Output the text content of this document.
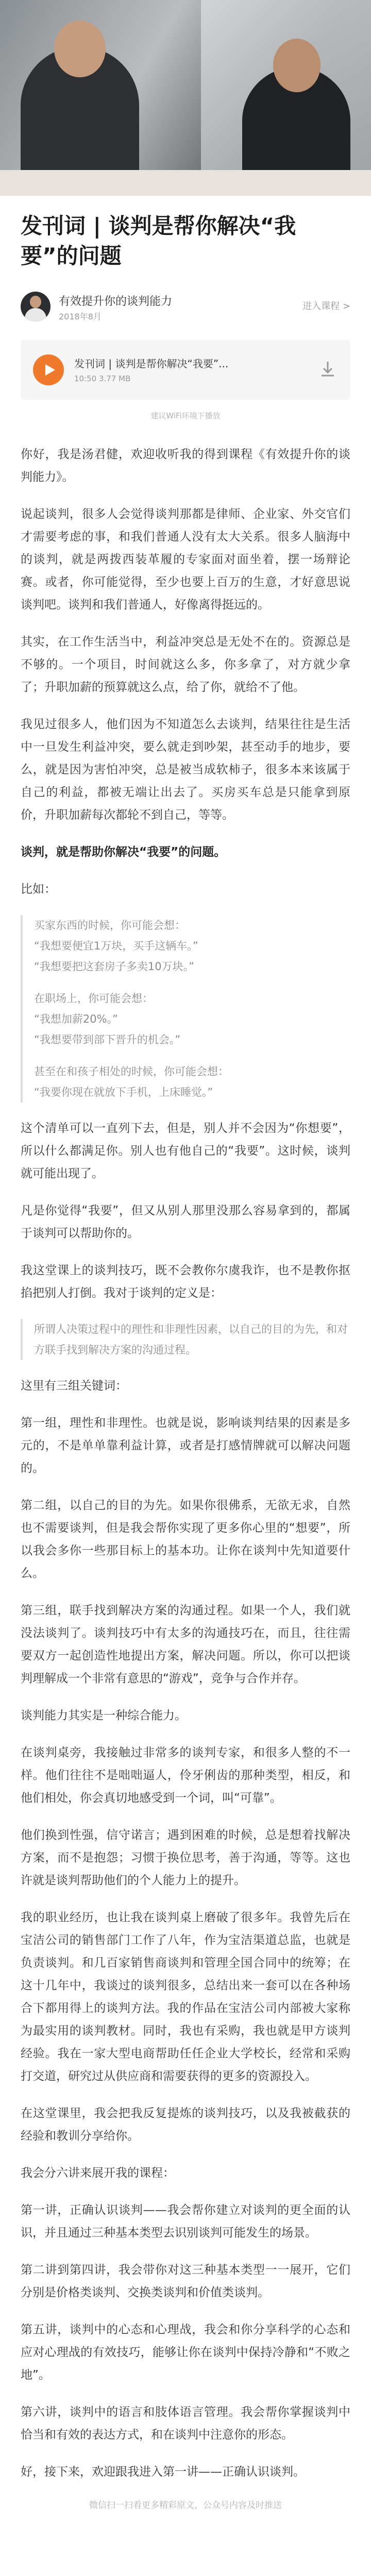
发刊词 | 谈判是帮你解决“我要”的问题
有效提升你的谈判能力
2018年8月
进入课程 >
发刊词 | 谈判是帮你解决“我要”...
10:50 3.77 MB
建议WiFi环境下播放

你好，我是汤君健，欢迎收听我的得到课程《有效提升你的谈判能力》。

说起谈判，很多人会觉得谈判那都是律师、企业家、外交官们才需要考虑的事，和我们普通人没有太大关系。很多人脑海中的谈判，就是两拨西装革履的专家面对面坐着，摆一场辩论赛。或者，你可能觉得，至少也要上百万的生意，才好意思说谈判吧。谈判和我们普通人，好像离得挺远的。

其实，在工作生活当中，利益冲突总是无处不在的。资源总是不够的。一个项目，时间就这么多，你多拿了，对方就少拿了；升职加薪的预算就这么点，给了你，就给不了他。

我见过很多人，他们因为不知道怎么去谈判，结果往往是生活中一旦发生利益冲突，要么就走到吵架，甚至动手的地步，要么，就是因为害怕冲突，总是被当成软柿子，很多本来该属于自己的利益，都被无端让出去了。买房买车总是只能拿到原价，升职加薪每次都轮不到自己，等等。

谈判，就是帮助你解决“我要”的问题。

比如：

买家东西的时候，你可能会想：

“我想要便宜1万块，买手这辆车。”

“我想要把这套房子多卖10万块。”

在职场上，你可能会想：

“我想加薪20%。”

“我想要带到部下晋升的机会。”

甚至在和孩子相处的时候，你可能会想：

“我要你现在就放下手机，上床睡觉。”

这个清单可以一直列下去，但是，别人并不会因为“你想要”，所以什么都满足你。别人也有他自己的“我要”。这时候，谈判就可能出现了。

凡是你觉得“我要”，但又从别人那里没那么容易拿到的，都属于谈判可以帮助你的。

我这堂课上的谈判技巧，既不会教你尔虞我诈，也不是教你抠掐把别人打倒。我对于谈判的定义是：

所谓人决策过程中的理性和非理性因素，以自己的目的为先，和对方联手找到解决方案的沟通过程。

这里有三组关键词：

第一组，理性和非理性。也就是说，影响谈判结果的因素是多元的，不是单单靠利益计算，或者是打感情牌就可以解决问题的。

第二组，以自己的目的为先。如果你很佛系，无欲无求，自然也不需要谈判，但是我会帮你实现了更多你心里的“想要”，所以我会多你一些那目标上的基本功。让你在谈判中先知道要什么。

第三组，联手找到解决方案的沟通过程。如果一个人，我们就没法谈判了。谈判技巧中有太多的沟通技巧在，而且，往往需要双方一起创造性地提出方案，解决问题。所以，你可以把谈判理解成一个非常有意思的“游戏”，竞争与合作并存。

谈判能力其实是一种综合能力。

在谈判桌旁，我接触过非常多的谈判专家，和很多人整的不一样。他们往往不是咄咄逼人，伶牙俐齿的那种类型，相反，和他们相处，你会真切地感受到一个词，叫“可靠”。

他们换到性强，信守诺言；遇到困难的时候，总是想着找解决方案，而不是抱怨；习惯于换位思考，善于沟通，等等。这也许就是谈判帮助他们的个人能力上的提升。

我的职业经历，也让我在谈判桌上磨破了很多年。我曾先后在宝洁公司的销售部门工作了八年，作为宝洁渠道总监，也就是负责谈判。和几百家销售商谈判和管理全国合同中的统筹；在这十几年中，我谈过的谈判很多，总结出来一套可以在各种场合下都用得上的谈判方法。我的作品在宝洁公司内部被大家称为最实用的谈判教材。同时，我也有采购，我也就是甲方谈判经验。我在一家大型电商帮助任任企业大学校长，经常和采购打交道，研究过从供应商和需要获得的更多的资源投入。

在这堂课里，我会把我反复提炼的谈判技巧，以及我被截获的经验和教训分享给你。

我会分六讲来展开我的课程：

第一讲，正确认识谈判——我会帮你建立对谈判的更全面的认识，并且通过三种基本类型去识别谈判可能发生的场景。

第二讲到第四讲，我会带你对这三种基本类型一一展开，它们分别是价格类谈判、交换类谈判和价值类谈判。

第五讲，谈判中的心态和心理战，我会和你分享科学的心态和应对心理战的有效技巧，能够让你在谈判中保持冷静和“不败之地”。

第六讲，谈判中的语言和肢体语言管理。我会帮你掌握谈判中恰当和有效的表达方式，和在谈判中注意你的形态。

好，接下来，欢迎跟我进入第一讲——正确认识谈判。

微信扫一扫看更多精彩原文，公众号内容及时推送
